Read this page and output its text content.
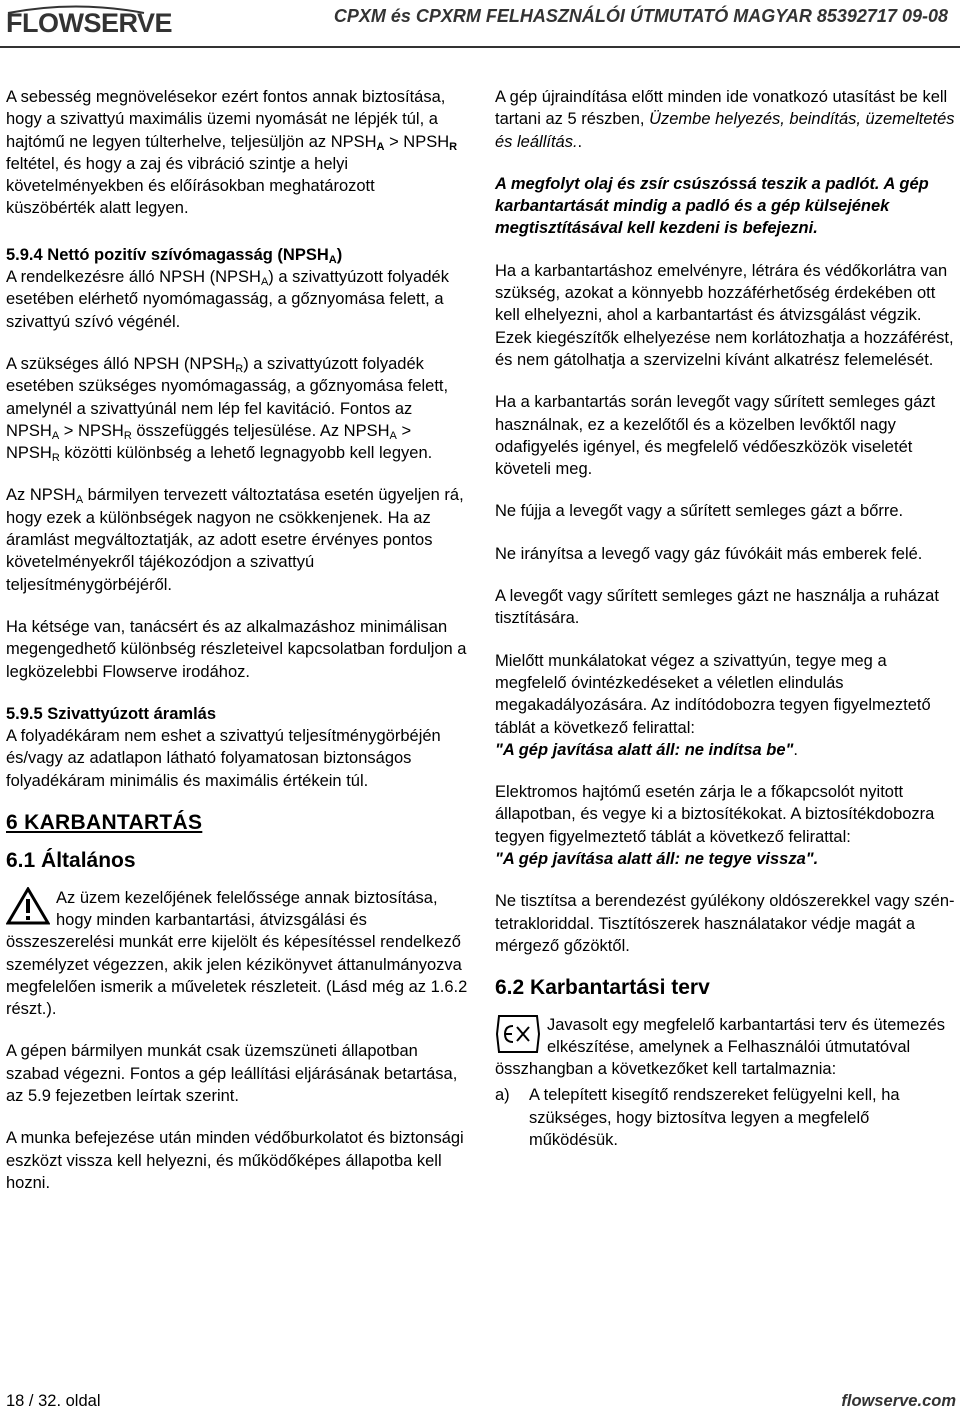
FLOWSERVE	CPXM és CPXRM FELHASZNÁLÓI ÚTMUTATÓ MAGYAR 85392717 09-08

A sebesség megnövelésekor ezért fontos annak biztosítása, hogy a szivattyú maximális üzemi nyomását ne lépjék túl, a hajtómű ne legyen túlterhelve, teljesüljön az $NPSH_A$ > $NPSH_R$ feltétel, és hogy a zaj és vibráció szintje a helyi követelményekben és előírásokban meghatározott küszöbérték alatt legyen.

5.9.4 Nettó pozitív szívómagasság $(NPSH_A)$

A rendelkezésre álló NPSH $(NPSH_A)$ a szivattyúzott folyadék esetében elérhető nyomómagasság, a gőznyomása felett, a szivattyú szívó végénél.

A szükséges álló NPSH $(NPSH_R)$ a szivattyúzott folyadék esetében szükséges nyomómagasság, a gőznyomása felett, amelynél a szivattyúnál nem lép fel kavitáció. Fontos az $NPSH_A$ > $NPSH_R$ összefüggés teljesülése. Az $NPSH_A$ > $NPSH_R$ közötti különbség a lehető legnagyobb kell legyen.

Az $NPSH_A$ bármilyen tervezett változtatása esetén ügyeljen rá, hogy ezek a különbségek nagyon ne csökkenjenek. Ha az áramlást megváltoztatják, az adott esetre érvényes pontos követelményekről tájékozódjon a szivattyú teljesítménygörbéjéről.

Ha kétsége van, tanácsért és az alkalmazáshoz minimálisan megengedhető különbség részleteivel kapcsolatban forduljon a legközelebbi Flowserve irodához.

5.9.5 Szivattyúzott áramlás

A folyadékáram nem eshet a szivattyú teljesítménygörbéjén és/vagy az adatlapon látható folyamatosan biztonságos folyadékáram minimális és maximális értékein túl.

6 KARBANTARTÁS
6.1 Általános

Az üzem kezelőjének felelőssége annak biztosítása, hogy minden karbantartási, átvizsgálási és összeszerelési munkát erre kijelölt és képesítéssel rendelkező személyzet végezzen, akik jelen kézikönyvet áttanulmányozva megfelelően ismerik a műveletek részleteit. (Lásd még az 1.6.2 részt.).

A gépen bármilyen munkát csak üzemszüneti állapotban szabad végezni. Fontos a gép leállítási eljárásának betartása, az 5.9 fejezetben leírtak szerint.

A munka befejezése után minden védőburkolatot és biztonsági eszközt vissza kell helyezni, és működőképes állapotba kell hozni.

A gép újraindítása előtt minden ide vonatkozó utasítást be kell tartani az 5 részben, Üzembe helyezés, beindítás, üzemeltetés és leállítás..

A megfolyt olaj és zsír csúszóssá teszik a padlót. A gép karbantartását mindig a padló és a gép külsejének megtisztításával kell kezdeni is befejezni.

Ha a karbantartáshoz emelvényre, létrára és védőkorlátra van szükség, azokat a könnyebb hozzáférhetőség érdekében ott kell elhelyezni, ahol a karbantartást és átvizsgálást végzik. Ezek kiegészítők elhelyezése nem korlátozhatja a hozzáférést, és nem gátolhatja a szervizelni kívánt alkatrész felemelését.

Ha a karbantartás során levegőt vagy sűrített semleges gázt használnak, ez a kezelőtől és a közelben levőktől nagy odafigyelés igényel, és megfelelő védőeszközök viseletét követeli meg.

Ne fújja a levegőt vagy a sűrített semleges gázt a bőrre.

Ne irányítsa a levegő vagy gáz fúvókáit más emberek felé.

A levegőt vagy sűrített semleges gázt ne használja a ruházat tisztítására.

Mielőtt munkálatokat végez a szivattyún, tegye meg a megfelelő óvintézkedéseket a véletlen elindulás megakadályozására. Az indítódobozra tegyen figyelmeztető táblát a következő felirattal:
"A gép javítása alatt áll: ne indítsa be".

Elektromos hajtómű esetén zárja le a főkapcsolót nyitott állapotban, és vegye ki a biztosítékokat. A biztosítékdobozra tegyen figyelmeztető táblát a következő felirattal:
"A gép javítása alatt áll: ne tegye vissza".

Ne tisztítsa a berendezést gyúlékony oldószerekkel vagy szén-tetrakloriddal. Tisztítószerek használatakor védje magát a mérgező gőzöktől.

6.2 Karbantartási terv

Javasolt egy megfelelő karbantartási terv és ütemezés elkészítése, amelynek a Felhasználói útmutatóval összhangban a következőket kell tartalmaznia:

a)	A telepített kisegítő rendszereket felügyelni kell, ha szükséges, hogy biztosítva legyen a megfelelő működésük.
18 / 32. oldal	flowserve.com
